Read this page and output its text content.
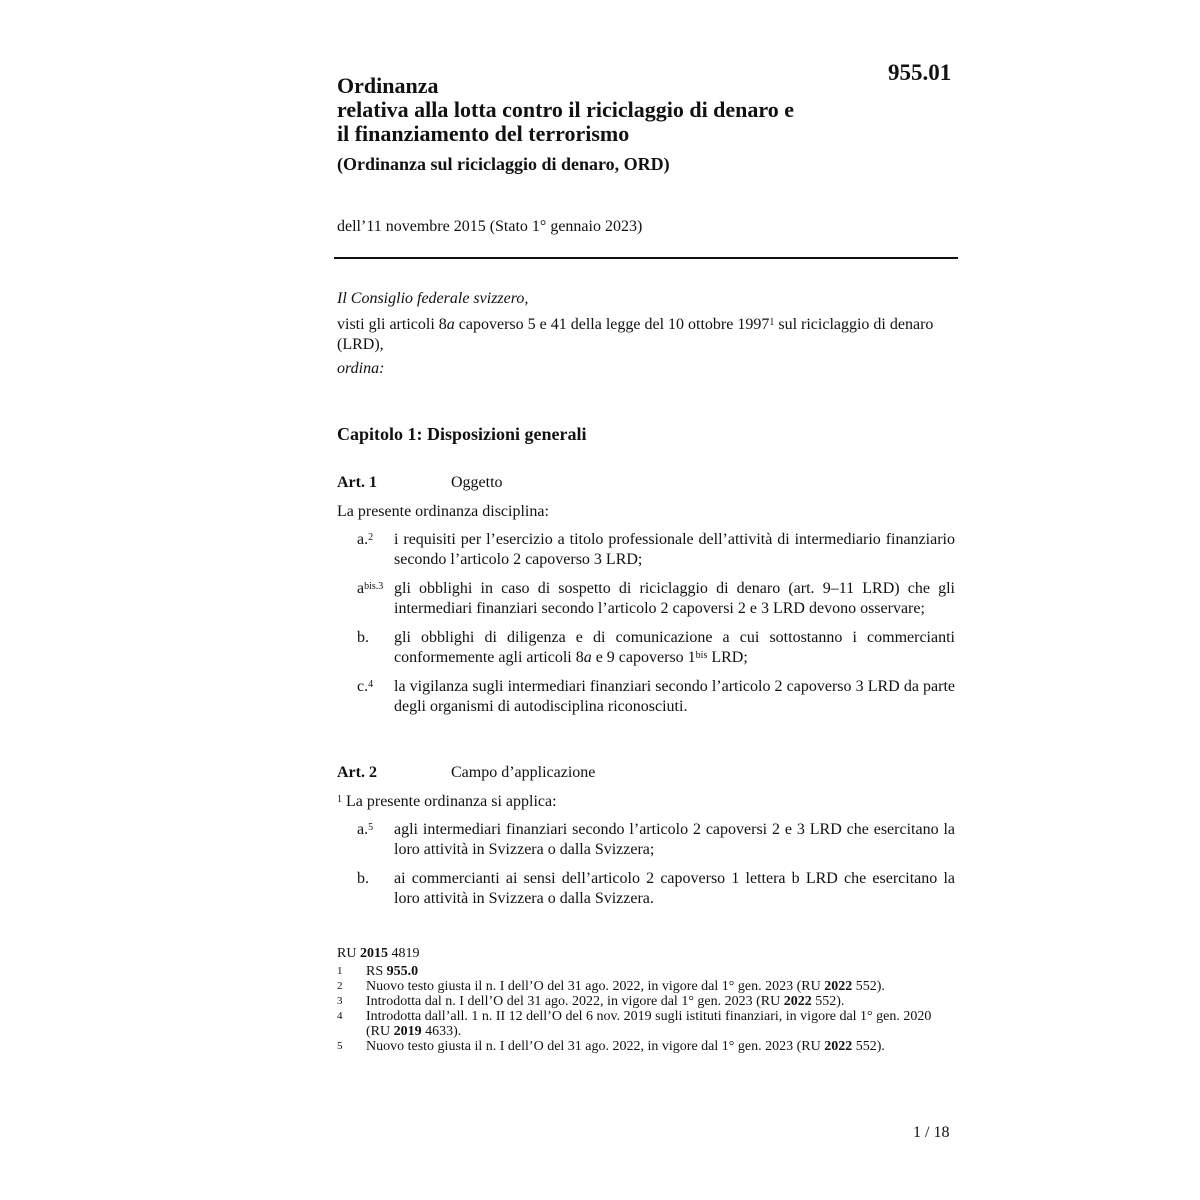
955.01
Ordinanza
relativa alla lotta contro il riciclaggio di denaro e
il finanziamento del terrorismo
(Ordinanza sul riciclaggio di denaro, ORD)
dell’11 novembre 2015 (Stato 1° gennaio 2023)

Il Consiglio federale svizzero,

visti gli articoli 8a capoverso 5 e 41 della legge del 10 ottobre 1997$^1$ sul riciclaggio di denaro (LRD),

ordina:

Capitolo 1: Disposizioni generali
Art. 1	Oggetto
La presente ordinanza disciplina:
a.$^2$ i requisiti per l’esercizio a titolo professionale dell’attività di intermediario finanziario secondo l’articolo 2 capoverso 3 LRD;
$a^{bis.3}$ gli obblighi in caso di sospetto di riciclaggio di denaro (art. 9–11 LRD) che gli intermediari finanziari secondo l’articolo 2 capoversi 2 e 3 LRD devono osservare;
b. gli obblighi di diligenza e di comunicazione a cui sottostanno i commercianti conformemente agli articoli 8a e 9 capoverso $1^{bis}$ LRD;
c.$^4$ la vigilanza sugli intermediari finanziari secondo l’articolo 2 capoverso 3 LRD da parte degli organismi di autodisciplina riconosciuti.
Art. 2	Campo d’applicazione
$^1$ La presente ordinanza si applica:
a.$^5$ agli intermediari finanziari secondo l’articolo 2 capoversi 2 e 3 LRD che esercitano la loro attività in Svizzera o dalla Svizzera;
b. ai commercianti ai sensi dell’articolo 2 capoverso 1 lettera b LRD che esercitano la loro attività in Svizzera o dalla Svizzera.
RU 2015 4819
1 RS 955.0
2 Nuovo testo giusta il n. I dell’O del 31 ago. 2022, in vigore dal 1° gen. 2023 (RU 2022 552).
3 Introdotta dal n. I dell’O del 31 ago. 2022, in vigore dal 1° gen. 2023 (RU 2022 552).
4 Introdotta dall’all. 1 n. II 12 dell’O del 6 nov. 2019 sugli istituti finanziari, in vigore dal 1° gen. 2020 (RU 2019 4633).
5 Nuovo testo giusta il n. I dell’O del 31 ago. 2022, in vigore dal 1° gen. 2023 (RU 2022 552).
1 / 18
